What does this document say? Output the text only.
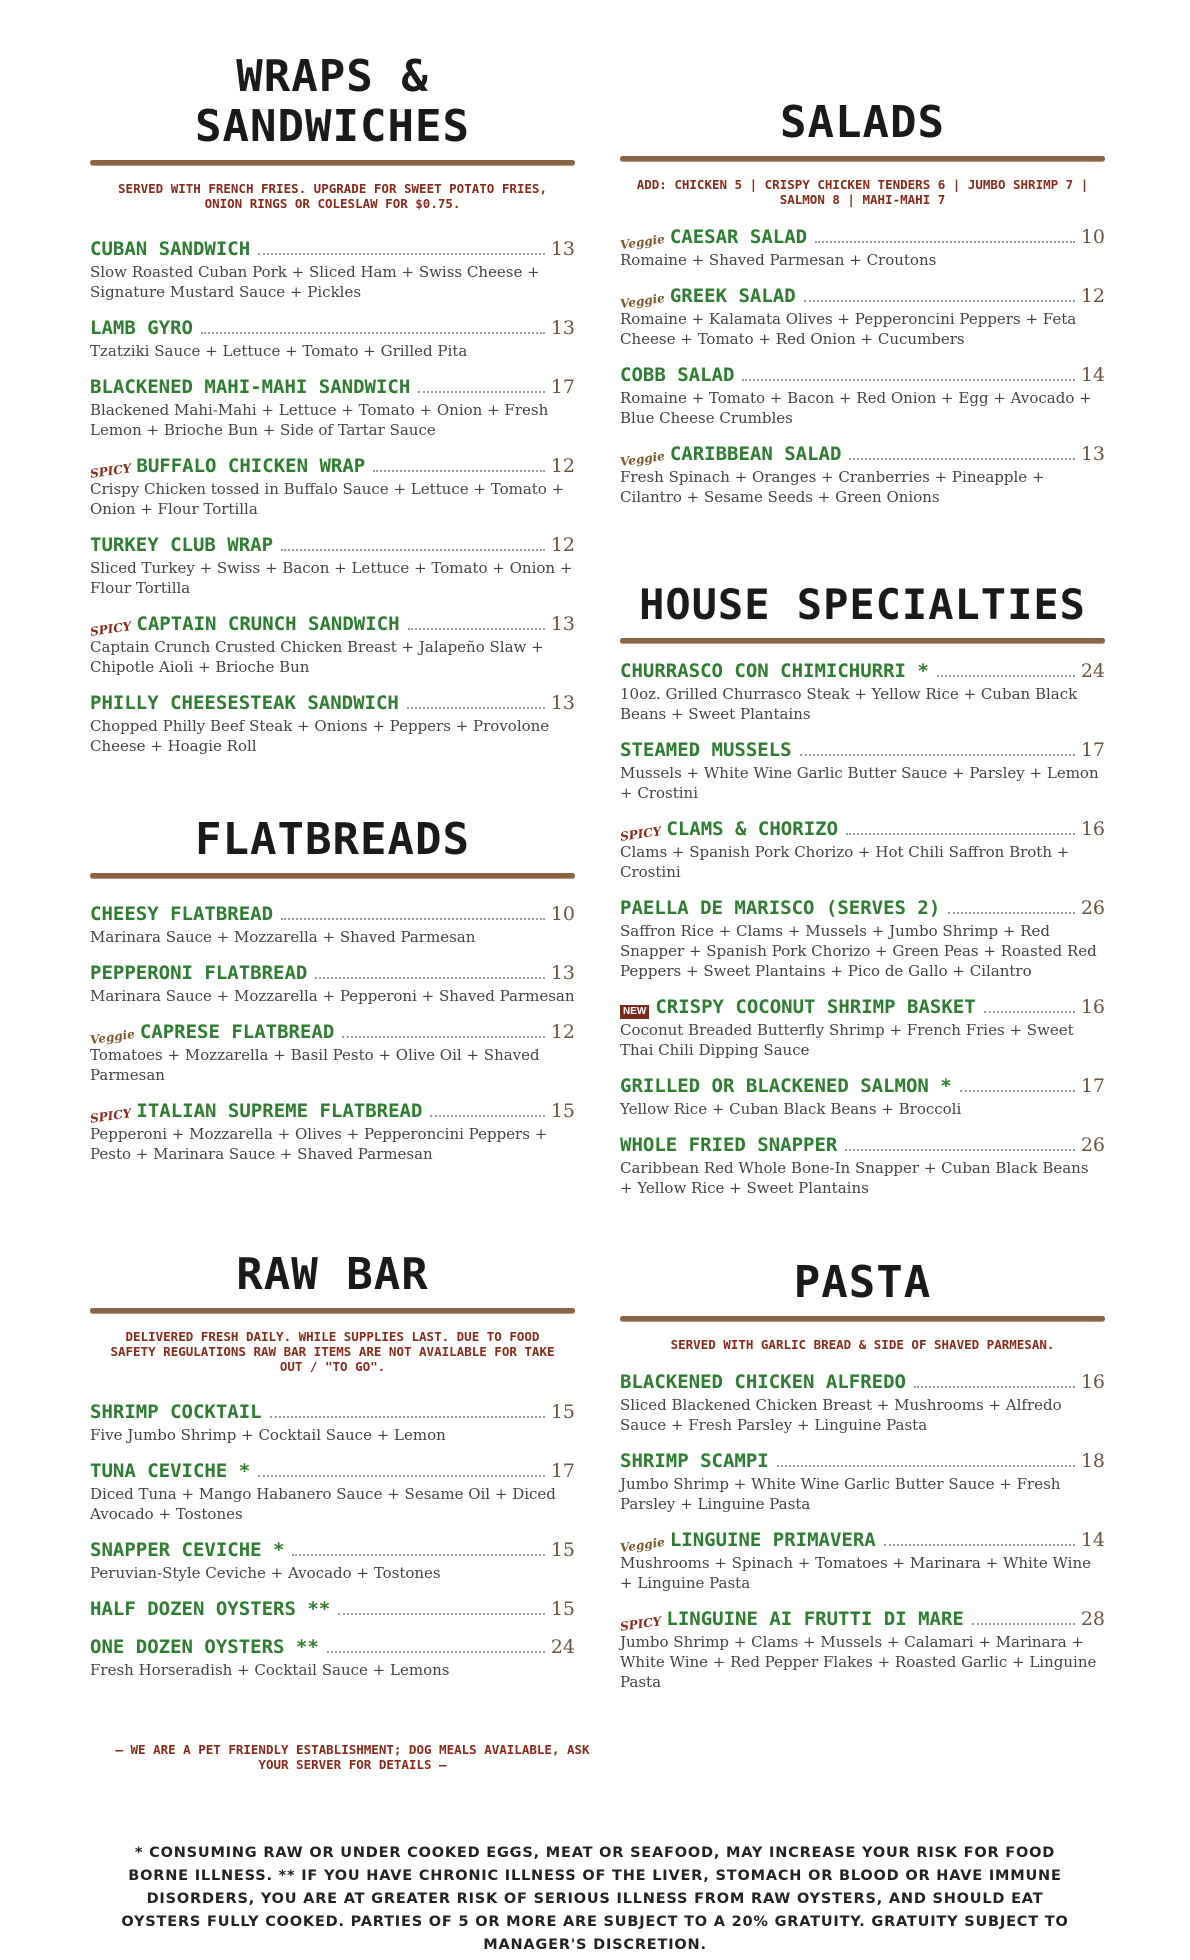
WRAPS & SANDWICHES
SERVED WITH FRENCH FRIES. UPGRADE FOR SWEET POTATO FRIES, ONION RINGS OR COLESLAW FOR $0.75.
CUBAN SANDWICH	13
Slow Roasted Cuban Pork + Sliced Ham + Swiss Cheese + Signature Mustard Sauce + Pickles
LAMB GYRO	13
Tzatziki Sauce + Lettuce + Tomato + Grilled Pita
BLACKENED MAHI-MAHI SANDWICH	17
Blackened Mahi-Mahi + Lettuce + Tomato + Onion + Fresh Lemon + Brioche Bun + Side of Tartar Sauce
SPICY BUFFALO CHICKEN WRAP	12
Crispy Chicken tossed in Buffalo Sauce + Lettuce + Tomato + Onion + Flour Tortilla
TURKEY CLUB WRAP	12
Sliced Turkey + Swiss + Bacon + Lettuce + Tomato + Onion + Flour Tortilla
SPICY CAPTAIN CRUNCH SANDWICH	13
Captain Crunch Crusted Chicken Breast + Jalapeño Slaw + Chipotle Aioli + Brioche Bun
PHILLY CHEESESTEAK SANDWICH	13
Chopped Philly Beef Steak + Onions + Peppers + Provolone Cheese + Hoagie Roll
FLATBREADS
CHEESY FLATBREAD	10
Marinara Sauce + Mozzarella + Shaved Parmesan
PEPPERONI FLATBREAD	13
Marinara Sauce + Mozzarella + Pepperoni + Shaved Parmesan
Veggie CAPRESE FLATBREAD	12
Tomatoes + Mozzarella + Basil Pesto + Olive Oil + Shaved Parmesan
SPICY ITALIAN SUPREME FLATBREAD	15
Pepperoni + Mozzarella + Olives + Pepperoncini Peppers + Pesto + Marinara Sauce + Shaved Parmesan
RAW BAR
DELIVERED FRESH DAILY. WHILE SUPPLIES LAST. DUE TO FOOD SAFETY REGULATIONS RAW BAR ITEMS ARE NOT AVAILABLE FOR TAKE OUT / "TO GO".
SHRIMP COCKTAIL	15
Five Jumbo Shrimp + Cocktail Sauce + Lemon
TUNA CEVICHE *	17
Diced Tuna + Mango Habanero Sauce + Sesame Oil + Diced Avocado + Tostones
SNAPPER CEVICHE *	15
Peruvian-Style Ceviche + Avocado + Tostones
HALF DOZEN OYSTERS **	15
ONE DOZEN OYSTERS **	24
Fresh Horseradish + Cocktail Sauce + Lemons
– WE ARE A PET FRIENDLY ESTABLISHMENT; DOG MEALS AVAILABLE, ASK YOUR SERVER FOR DETAILS –
SALADS
ADD: CHICKEN 5 | CRISPY CHICKEN TENDERS 6 | JUMBO SHRIMP 7 | SALMON 8 | MAHI-MAHI 7
Veggie CAESAR SALAD	10
Romaine + Shaved Parmesan + Croutons
Veggie GREEK SALAD	12
Romaine + Kalamata Olives + Pepperoncini Peppers + Feta Cheese + Tomato + Red Onion + Cucumbers
COBB SALAD	14
Romaine + Tomato + Bacon + Red Onion + Egg + Avocado + Blue Cheese Crumbles
Veggie CARIBBEAN SALAD	13
Fresh Spinach + Oranges + Cranberries + Pineapple + Cilantro + Sesame Seeds + Green Onions
HOUSE SPECIALTIES
CHURRASCO CON CHIMICHURRI *	24
10oz. Grilled Churrasco Steak + Yellow Rice + Cuban Black Beans + Sweet Plantains
STEAMED MUSSELS	17
Mussels + White Wine Garlic Butter Sauce + Parsley + Lemon + Crostini
SPICY CLAMS & CHORIZO	16
Clams + Spanish Pork Chorizo + Hot Chili Saffron Broth + Crostini
PAELLA DE MARISCO (SERVES 2)	26
Saffron Rice + Clams + Mussels + Jumbo Shrimp + Red Snapper + Spanish Pork Chorizo + Green Peas + Roasted Red Peppers + Sweet Plantains + Pico de Gallo + Cilantro
NEW CRISPY COCONUT SHRIMP BASKET	16
Coconut Breaded Butterfly Shrimp + French Fries + Sweet Thai Chili Dipping Sauce
GRILLED OR BLACKENED SALMON *	17
Yellow Rice + Cuban Black Beans + Broccoli
WHOLE FRIED SNAPPER	26
Caribbean Red Whole Bone-In Snapper + Cuban Black Beans + Yellow Rice + Sweet Plantains
PASTA
SERVED WITH GARLIC BREAD & SIDE OF SHAVED PARMESAN.
BLACKENED CHICKEN ALFREDO	16
Sliced Blackened Chicken Breast + Mushrooms + Alfredo Sauce + Fresh Parsley + Linguine Pasta
SHRIMP SCAMPI	18
Jumbo Shrimp + White Wine Garlic Butter Sauce + Fresh Parsley + Linguine Pasta
Veggie LINGUINE PRIMAVERA	14
Mushrooms + Spinach + Tomatoes + Marinara + White Wine + Linguine Pasta
SPICY LINGUINE AI FRUTTI DI MARE	28
Jumbo Shrimp + Clams + Mussels + Calamari + Marinara + White Wine + Red Pepper Flakes + Roasted Garlic + Linguine Pasta
* CONSUMING RAW OR UNDER COOKED EGGS, MEAT OR SEAFOOD, MAY INCREASE YOUR RISK FOR FOOD BORNE ILLNESS. ** IF YOU HAVE CHRONIC ILLNESS OF THE LIVER, STOMACH OR BLOOD OR HAVE IMMUNE DISORDERS, YOU ARE AT GREATER RISK OF SERIOUS ILLNESS FROM RAW OYSTERS, AND SHOULD EAT OYSTERS FULLY COOKED. PARTIES OF 5 OR MORE ARE SUBJECT TO A 20% GRATUITY. GRATUITY SUBJECT TO MANAGER'S DISCRETION.
